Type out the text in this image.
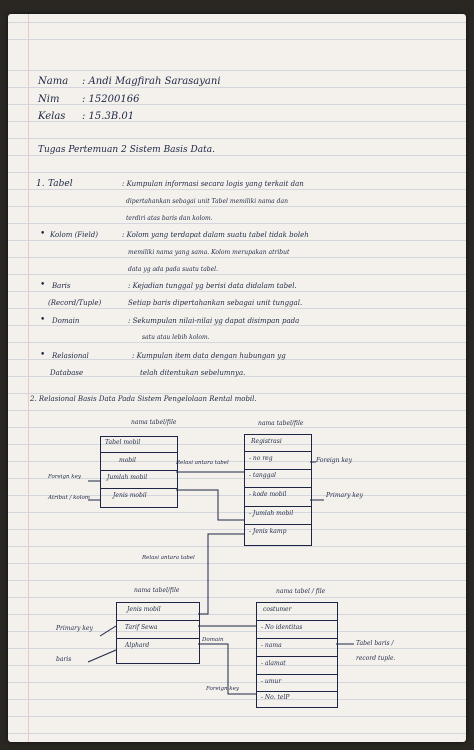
Nama : Andi Magfirah Sarasayani
Nim : 15200166
Kelas : 15.3B.01
Tugas Pertemuan 2 Sistem Basis Data.
1. Tabel	: Kumpulan informasi secara logis yang terkait dan
dipertahankan sebagai unit Tabel memiliki nama dan
terdiri atas baris dan kolom.
• Kolom (Field)	: Kolom yang terdapat dalam suatu tabel tidak boleh
memiliki nama yang sama. Kolom merupakan atribut
data yg ada pada suatu tabel.
• Baris
(Record/Tuple)
: Kejadian tunggal yg berisi data didalam tabel.
Setiap baris dipertahankan sebagai unit tunggal.
• Domain	: Sekumpulan nilai-nilai yg dapat disimpan pada
satu atau lebih kolom.
• Relasional
Database
: Kumpulan item data dengan hubungan yg
telah ditentukan sebelumnya.
2. Relasional Basis Data Pada Sistem Pengelolaan Rental mobil.
nama tabel/file	nama tabel/file
Relasi antara tabel
Foreign key
Atribut / kolom
Foreign key
Primary key
Relasi antara tabel
nama tabel/file	nama tabel / file
Primary key
baris
Domain	Tabel baris /
record tuple.
Foreign key
Tabel mobil
mobil
Jumlah mobil
Jenis mobil
Registrasi
- no reg
- tanggal
- kode mobil
- Jumlah mobil
- Jenis kamp
Jenis mobil
Tarif Sewa
Alphard
costumer
- No identitas
- nama
- alamat
- umur
- No. telP
